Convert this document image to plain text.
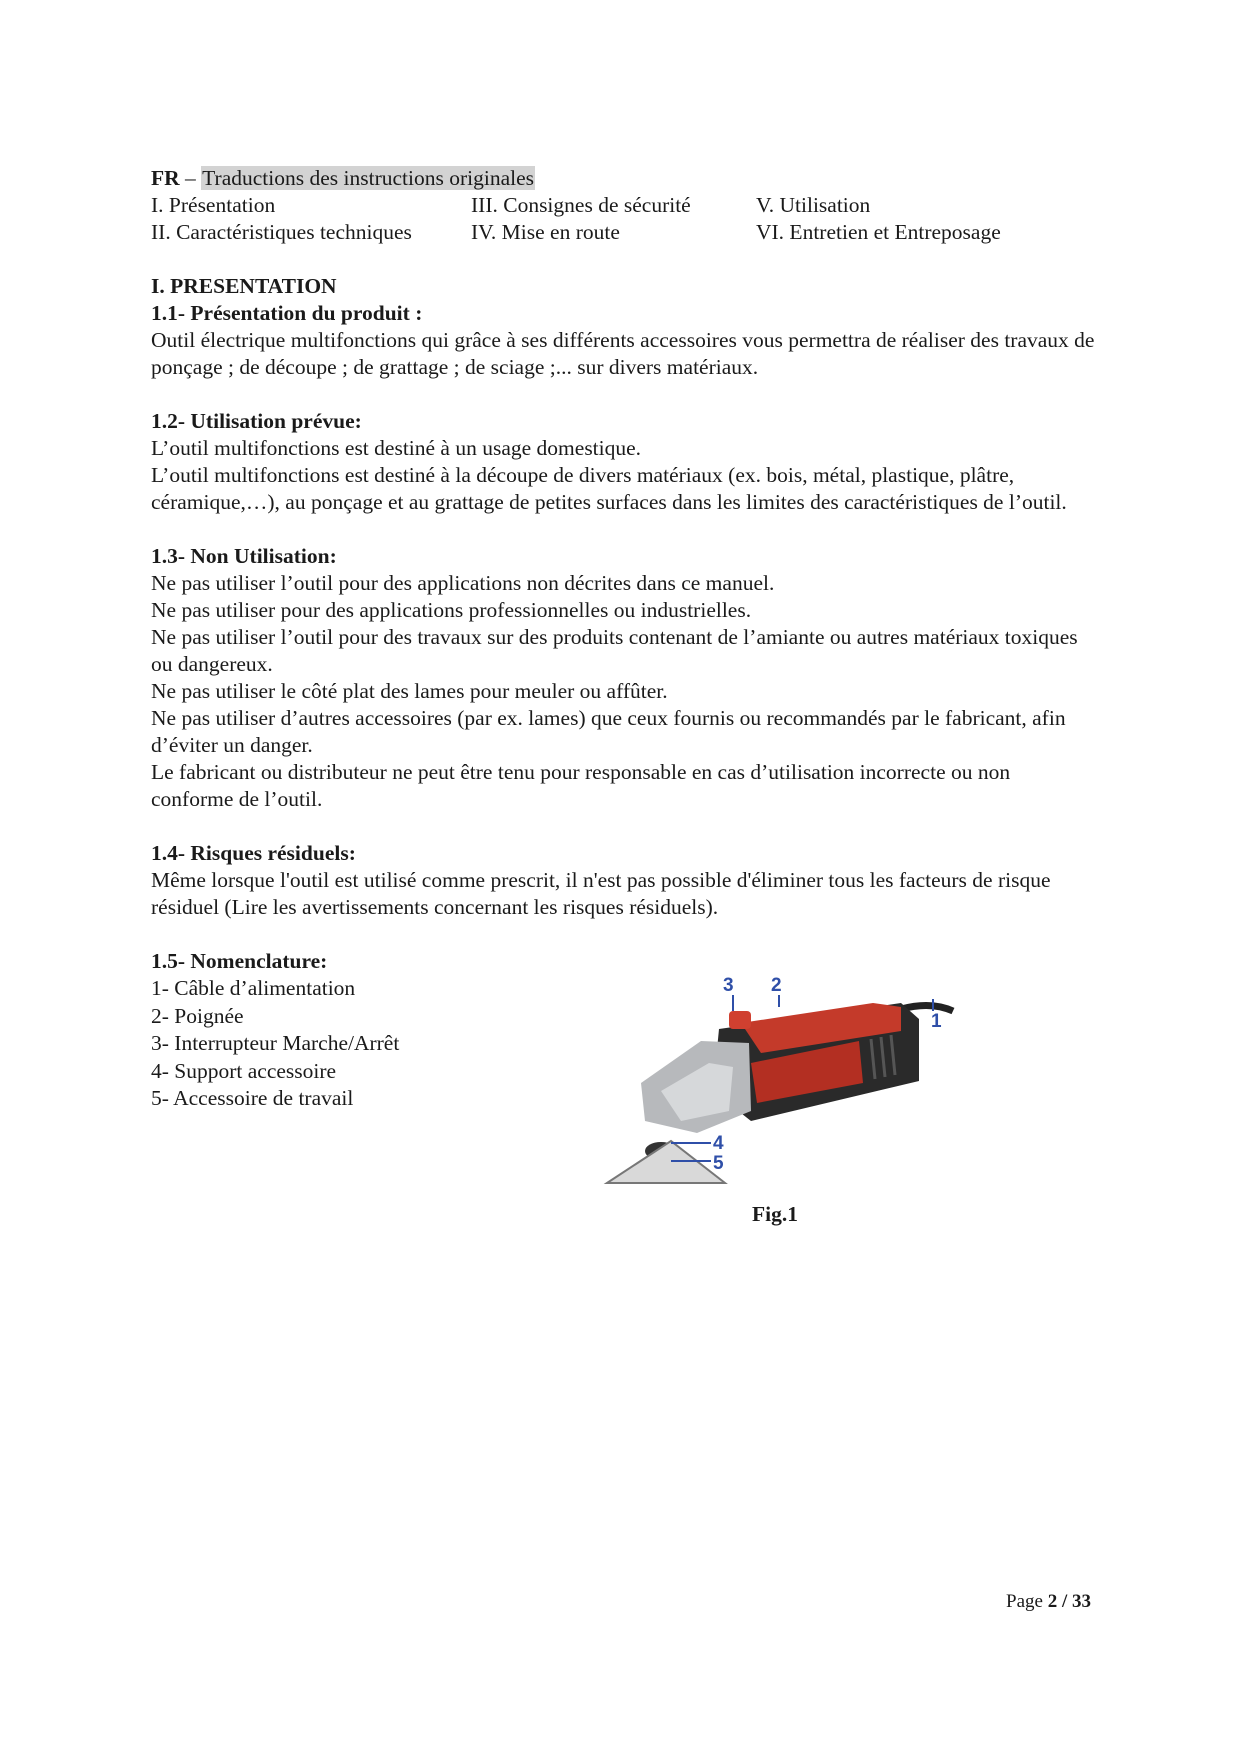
FR – Traductions des instructions originales
I. Présentation	III. Consignes de sécurité	V. Utilisation
II. Caractéristiques techniques	IV. Mise en route	VI. Entretien et Entreposage
I. PRESENTATION
1.1- Présentation du produit :

Outil électrique multifonctions qui grâce à ses différents accessoires vous permettra de réaliser des travaux de ponçage ; de découpe ; de grattage ; de sciage ;... sur divers matériaux.

1.2- Utilisation prévue:

L’outil multifonctions est destiné à un usage domestique.

L’outil multifonctions est destiné à la découpe de divers matériaux (ex. bois, métal, plastique, plâtre, céramique,…), au ponçage et au grattage de petites surfaces dans les limites des caractéristiques de l’outil.

1.3- Non Utilisation:

Ne pas utiliser l’outil pour des applications non décrites dans ce manuel.

Ne pas utiliser pour des applications professionnelles ou industrielles.

Ne pas utiliser l’outil pour des travaux sur des produits contenant de l’amiante ou autres matériaux toxiques ou dangereux.

Ne pas utiliser le côté plat des lames pour meuler ou affûter.

Ne pas utiliser d’autres accessoires (par ex. lames) que ceux fournis ou recommandés par le fabricant, afin d’éviter un danger.

Le fabricant ou distributeur ne peut être tenu pour responsable en cas d’utilisation incorrecte ou non conforme de l’outil.

1.4- Risques résiduels:

Même lorsque l'outil est utilisé comme prescrit, il n'est pas possible d'éliminer tous les facteurs de risque résiduel (Lire les avertissements concernant les risques résiduels).

1.5- Nomenclature:
1- Câble d’alimentation
2- Poignée
3- Interrupteur Marche/Arrêt
4- Support accessoire
5- Accessoire de travail
3 2
1
4
5
Fig.1
Page 2 / 33
